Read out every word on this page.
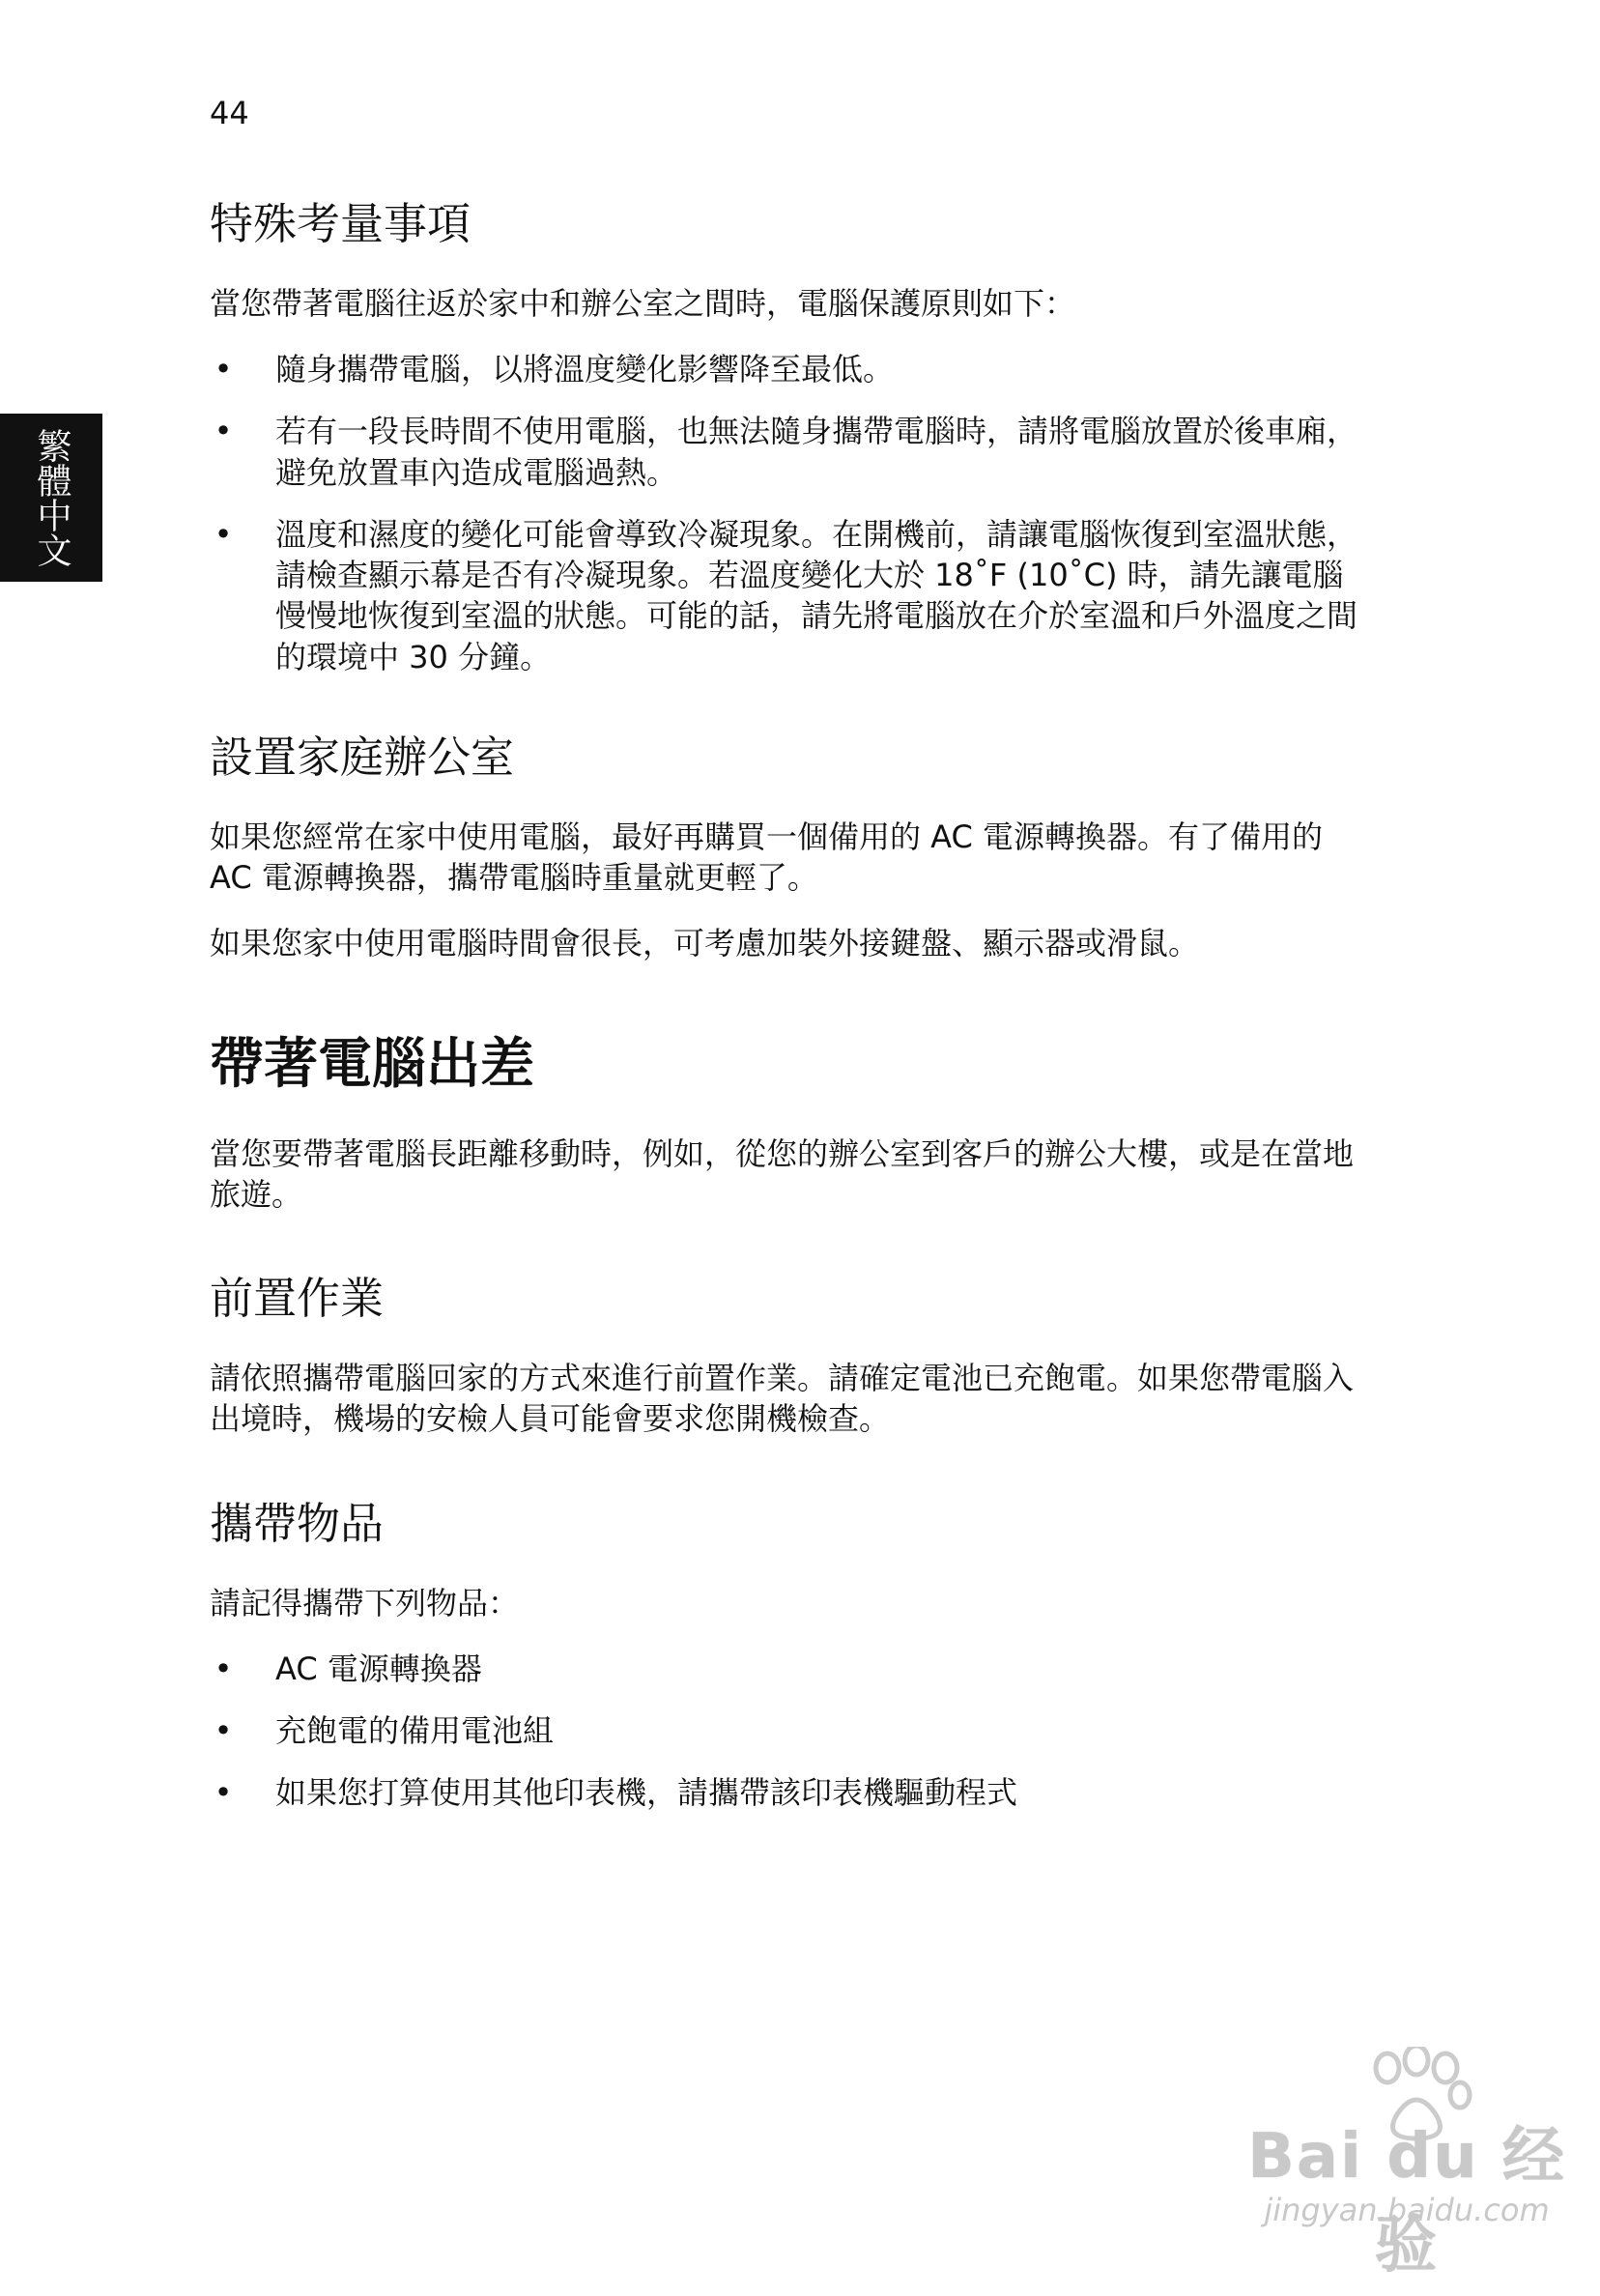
44
繁體中文
特殊考量事項

當您帶著電腦往返於家中和辦公室之間時，電腦保護原則如下：

• 隨身攜帶電腦，以將溫度變化影響降至最低。
• 若有一段長時間不使用電腦，也無法隨身攜帶電腦時，請將電腦放置於後車廂，避免放置車內造成電腦過熱。
• 溫度和濕度的變化可能會導致冷凝現象。在開機前，請讓電腦恢復到室溫狀態，請檢查顯示幕是否有冷凝現象。若溫度變化大於 18˚F (10˚C) 時，請先讓電腦慢慢地恢復到室溫的狀態。可能的話，請先將電腦放在介於室溫和戶外溫度之間的環境中 30 分鐘。
設置家庭辦公室

如果您經常在家中使用電腦，最好再購買一個備用的 AC 電源轉換器。有了備用的 AC 電源轉換器，攜帶電腦時重量就更輕了。

如果您家中使用電腦時間會很長，可考慮加裝外接鍵盤、顯示器或滑鼠。

帶著電腦出差

當您要帶著電腦長距離移動時，例如，從您的辦公室到客戶的辦公大樓，或是在當地旅遊。

前置作業

請依照攜帶電腦回家的方式來進行前置作業。請確定電池已充飽電。如果您帶電腦入出境時，機場的安檢人員可能會要求您開機檢查。

攜帶物品

請記得攜帶下列物品：

• AC 電源轉換器
• 充飽電的備用電池組
• 如果您打算使用其他印表機，請攜帶該印表機驅動程式
Bai du 经验
jingyan.baidu.com
